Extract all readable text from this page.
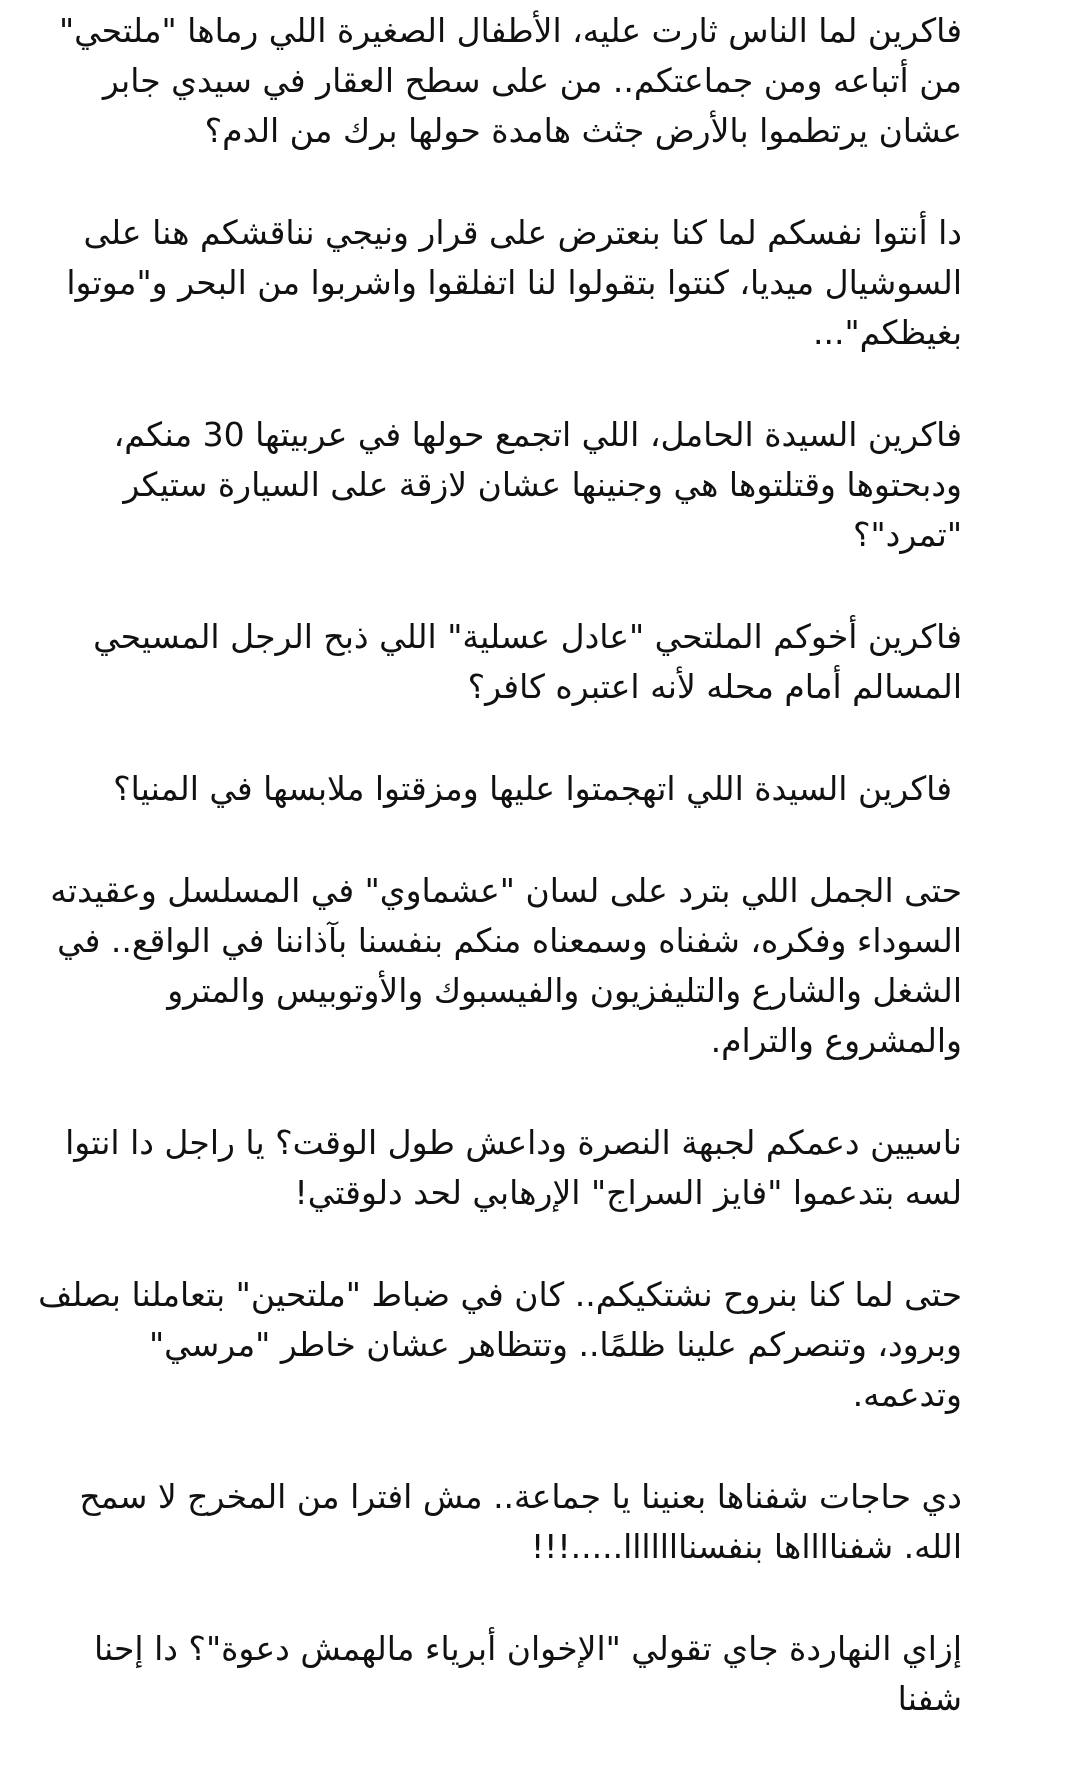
فاكرين لما الناس ثارت عليه، الأطفال الصغيرة اللي رماها "ملتحي" من أتباعه ومن جماعتكم.. من على سطح العقار في سيدي جابر عشان يرتطموا بالأرض جثث هامدة حولها برك من الدم؟

دا أنتوا نفسكم لما كنا بنعترض على قرار ونيجي نناقشكم هنا على السوشيال ميديا، كنتوا بتقولوا لنا اتفلقوا واشربوا من البحر و"موتوا بغيظكم"...

فاكرين السيدة الحامل، اللي اتجمع حولها في عربيتها 30 منكم، ودبحتوها وقتلتوها هي وجنينها عشان لازقة على السيارة ستيكر "تمرد"؟

فاكرين أخوكم الملتحي "عادل عسلية" اللي ذبح الرجل المسيحي المسالم أمام محله لأنه اعتبره كافر؟

فاكرين السيدة اللي اتهجمتوا عليها ومزقتوا ملابسها في المنيا؟

حتى الجمل اللي بترد على لسان "عشماوي" في المسلسل وعقيدته السوداء وفكره، شفناه وسمعناه منكم بنفسنا بآذاننا في الواقع.. في الشغل والشارع والتليفزيون والفيسبوك والأوتوبيس والمترو والمشروع والترام.

ناسيين دعمكم لجبهة النصرة وداعش طول الوقت؟ يا راجل دا انتوا لسه بتدعموا "فايز السراج" الإرهابي لحد دلوقتي!

حتى لما كنا بنروح نشتكيكم.. كان في ضباط "ملتحين" بتعاملنا بصلف وبرود، وتنصركم علينا ظلمًا.. وتتظاهر عشان خاطر "مرسي" وتدعمه.

دي حاجات شفناها بعنينا يا جماعة.. مش افترا من المخرج لا سمح الله. شفنااااها بنفسنااااااا.....!!!

إزاي النهاردة جاي تقولي "الإخوان أبرياء مالهمش دعوة"؟ دا إحنا شفنا
